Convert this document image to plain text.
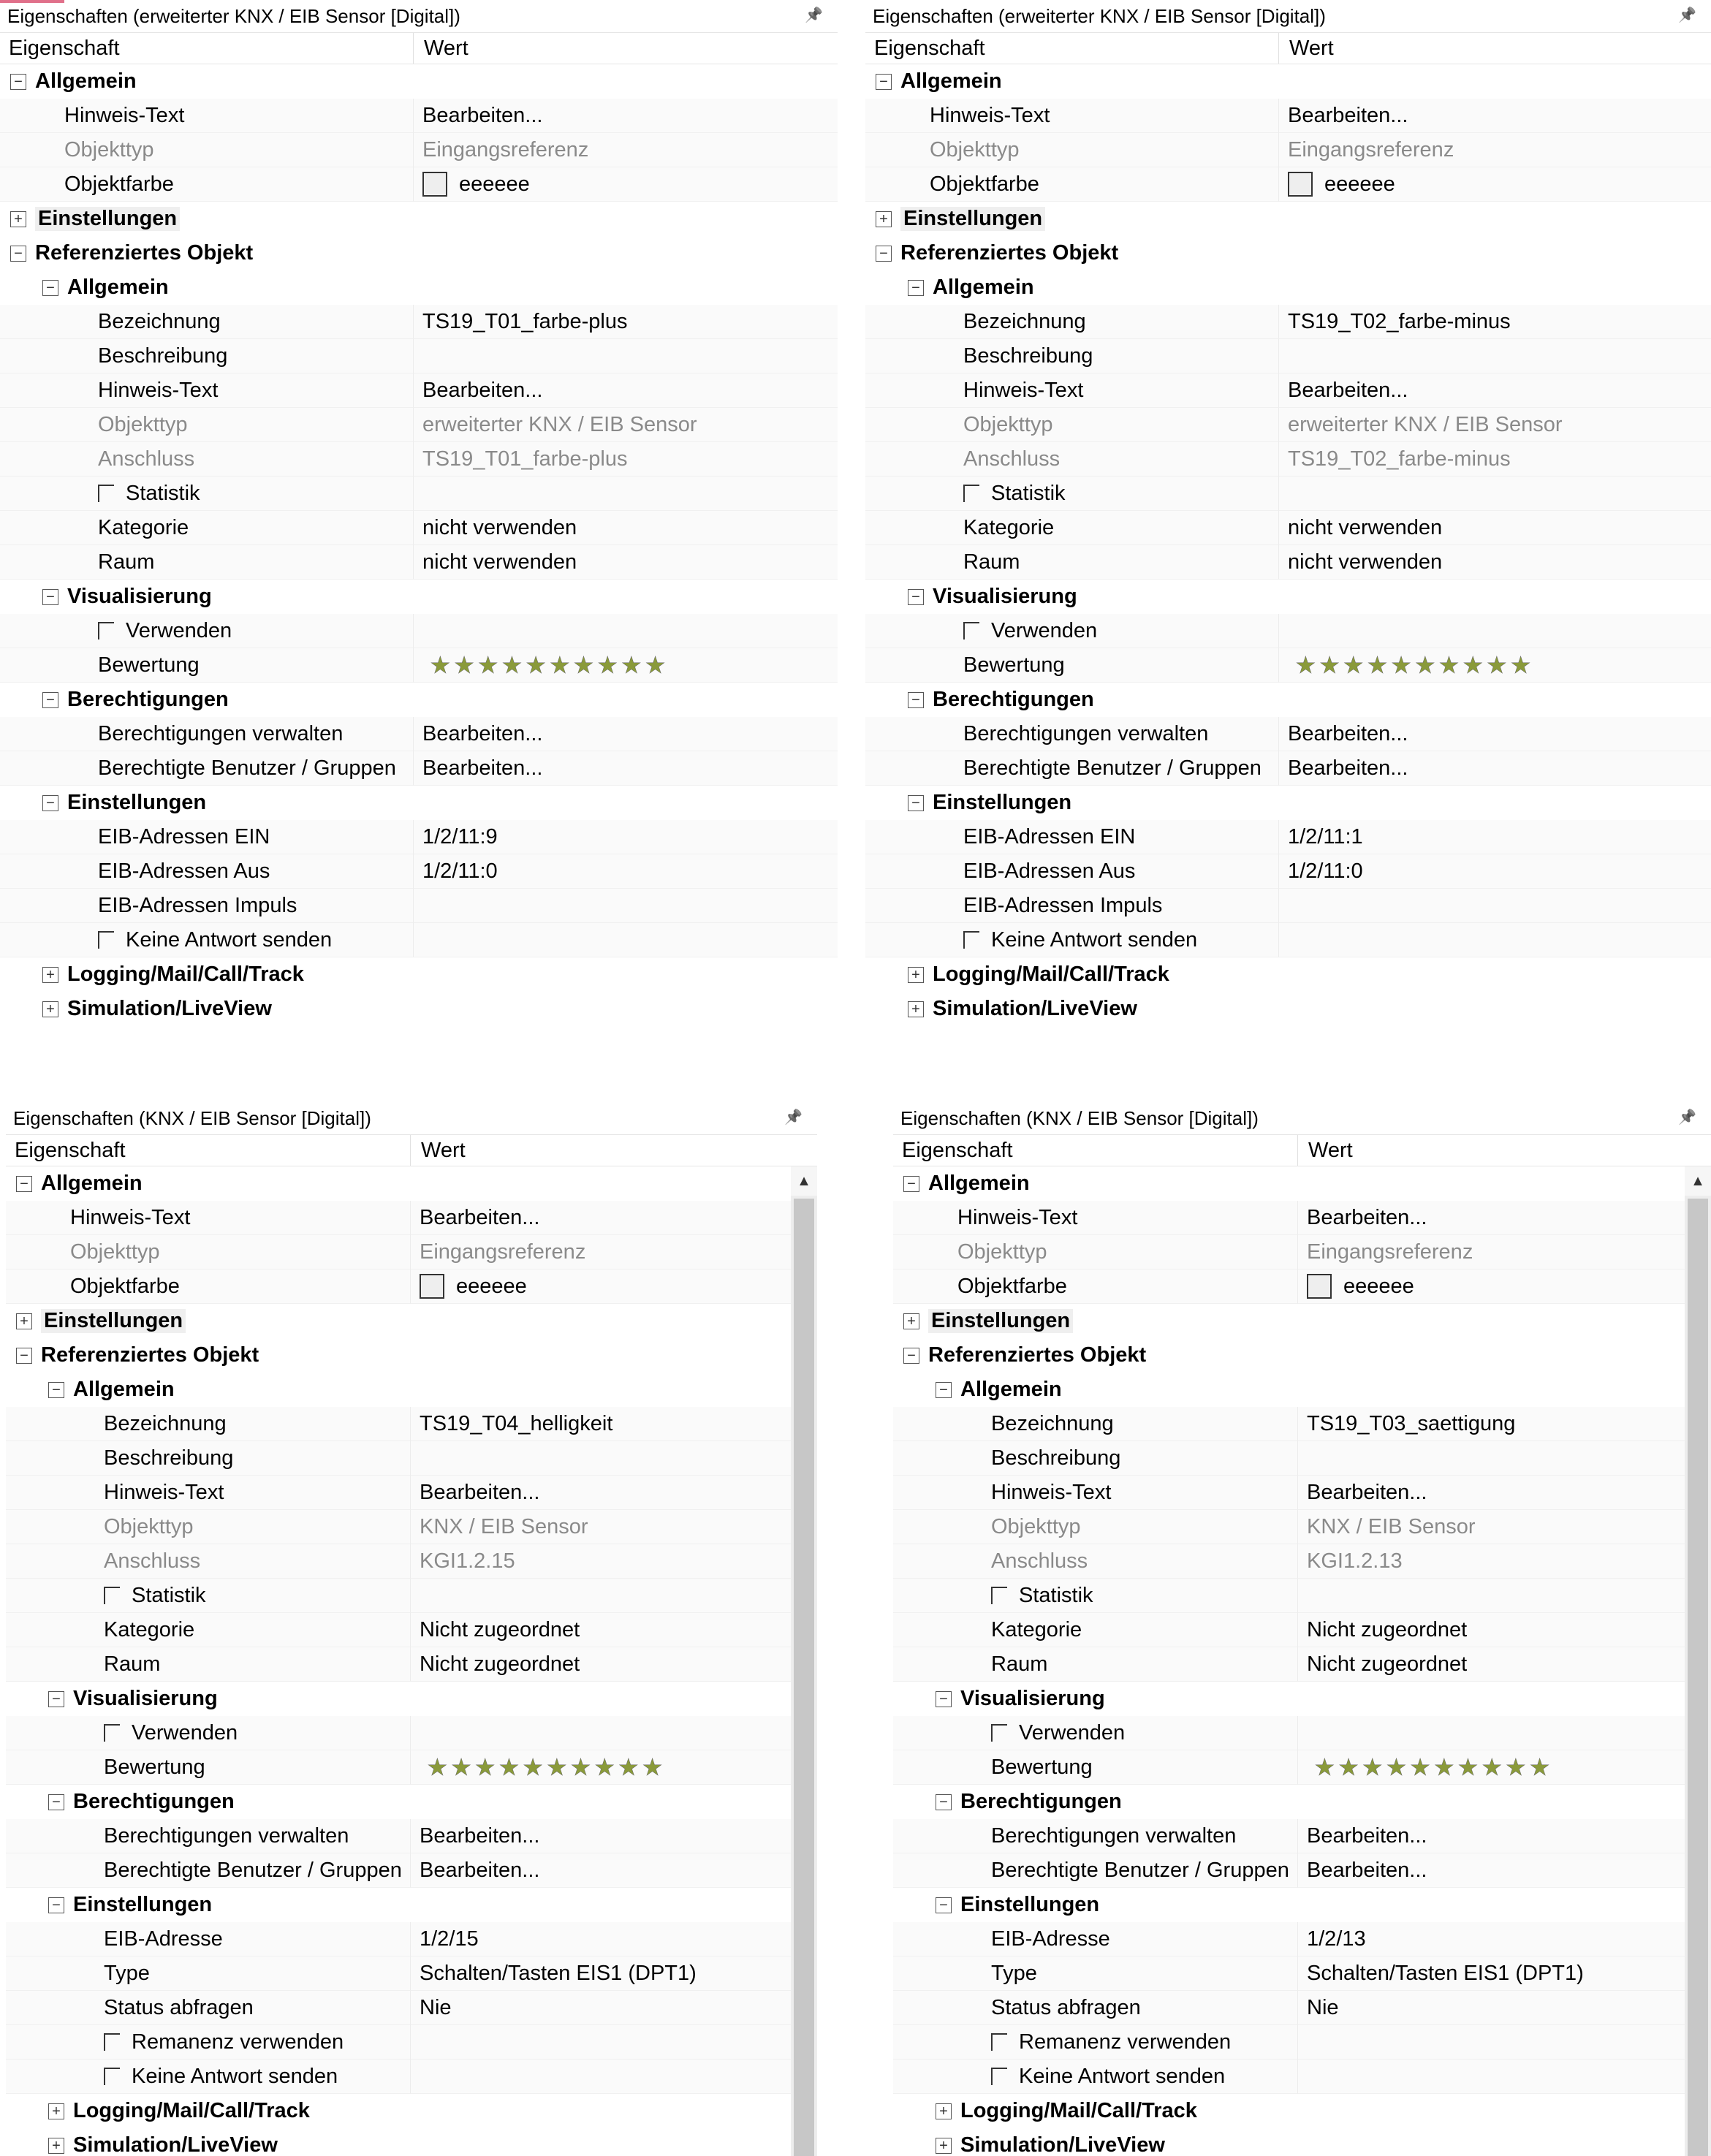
Eigenschaften (erweiterter KNX / EIB Sensor [Digital])	📌
Eigenschaft	Wert
− Allgemein
Hinweis-Text	Bearbeiten...
Objekttyp	Eingangsreferenz
Objektfarbe	eeeeee
+ Einstellungen
− Referenziertes Objekt
− Allgemein
Bezeichnung	TS19_T01_farbe-plus
Beschreibung
Hinweis-Text	Bearbeiten...
Objekttyp	erweiterter KNX / EIB Sensor
Anschluss	TS19_T01_farbe-plus
Statistik
Kategorie	nicht verwenden
Raum	nicht verwenden
− Visualisierung
Verwenden
Bewertung	★ ★ ★ ★ ★ ★ ★ ★ ★ ★
− Berechtigungen
Berechtigungen verwalten	Bearbeiten...
Berechtigte Benutzer / Gruppen Bearbeiten...
− Einstellungen
EIB-Adressen EIN	1/2/11:9
EIB-Adressen Aus	1/2/11:0
EIB-Adressen Impuls
Keine Antwort senden
+ Logging/Mail/Call/Track
+ Simulation/LiveView
Eigenschaften (erweiterter KNX / EIB Sensor [Digital])	📌
Eigenschaft	Wert
− Allgemein
Hinweis-Text	Bearbeiten...
Objekttyp	Eingangsreferenz
Objektfarbe	eeeeee
+ Einstellungen
− Referenziertes Objekt
− Allgemein
Bezeichnung	TS19_T02_farbe-minus
Beschreibung
Hinweis-Text	Bearbeiten...
Objekttyp	erweiterter KNX / EIB Sensor
Anschluss	TS19_T02_farbe-minus
Statistik
Kategorie	nicht verwenden
Raum	nicht verwenden
− Visualisierung
Verwenden
Bewertung	★ ★ ★ ★ ★ ★ ★ ★ ★ ★
− Berechtigungen
Berechtigungen verwalten	Bearbeiten...
Berechtigte Benutzer / Gruppen Bearbeiten...
− Einstellungen
EIB-Adressen EIN	1/2/11:1
EIB-Adressen Aus	1/2/11:0
EIB-Adressen Impuls
Keine Antwort senden
+ Logging/Mail/Call/Track
+ Simulation/LiveView
Eigenschaften (KNX / EIB Sensor [Digital])	📌
Eigenschaft	Wert
− Allgemein
Hinweis-Text	Bearbeiten...
Objekttyp	Eingangsreferenz
Objektfarbe	eeeeee
+ Einstellungen
− Referenziertes Objekt
− Allgemein
Bezeichnung	TS19_T04_helligkeit
Beschreibung
Hinweis-Text	Bearbeiten...
Objekttyp	KNX / EIB Sensor
Anschluss	KGI1.2.15
Statistik
Kategorie	Nicht zugeordnet
Raum	Nicht zugeordnet
− Visualisierung
Verwenden
Bewertung	★ ★ ★ ★ ★ ★ ★ ★ ★ ★
− Berechtigungen
Berechtigungen verwalten	Bearbeiten...
Berechtigte Benutzer / Gruppen Bearbeiten...
− Einstellungen
EIB-Adresse	1/2/15
Type	Schalten/Tasten EIS1 (DPT1)
Status abfragen	Nie
Remanenz verwenden
Keine Antwort senden
+ Logging/Mail/Call/Track
+ Simulation/LiveView
▲
Eigenschaften (KNX / EIB Sensor [Digital])	📌
Eigenschaft	Wert
− Allgemein
Hinweis-Text	Bearbeiten...
Objekttyp	Eingangsreferenz
Objektfarbe	eeeeee
+ Einstellungen
− Referenziertes Objekt
− Allgemein
Bezeichnung	TS19_T03_saettigung
Beschreibung
Hinweis-Text	Bearbeiten...
Objekttyp	KNX / EIB Sensor
Anschluss	KGI1.2.13
Statistik
Kategorie	Nicht zugeordnet
Raum	Nicht zugeordnet
− Visualisierung
Verwenden
Bewertung	★ ★ ★ ★ ★ ★ ★ ★ ★ ★
− Berechtigungen
Berechtigungen verwalten	Bearbeiten...
Berechtigte Benutzer / Gruppen Bearbeiten...
− Einstellungen
EIB-Adresse	1/2/13
Type	Schalten/Tasten EIS1 (DPT1)
Status abfragen	Nie
Remanenz verwenden
Keine Antwort senden
+ Logging/Mail/Call/Track
+ Simulation/LiveView
▲
